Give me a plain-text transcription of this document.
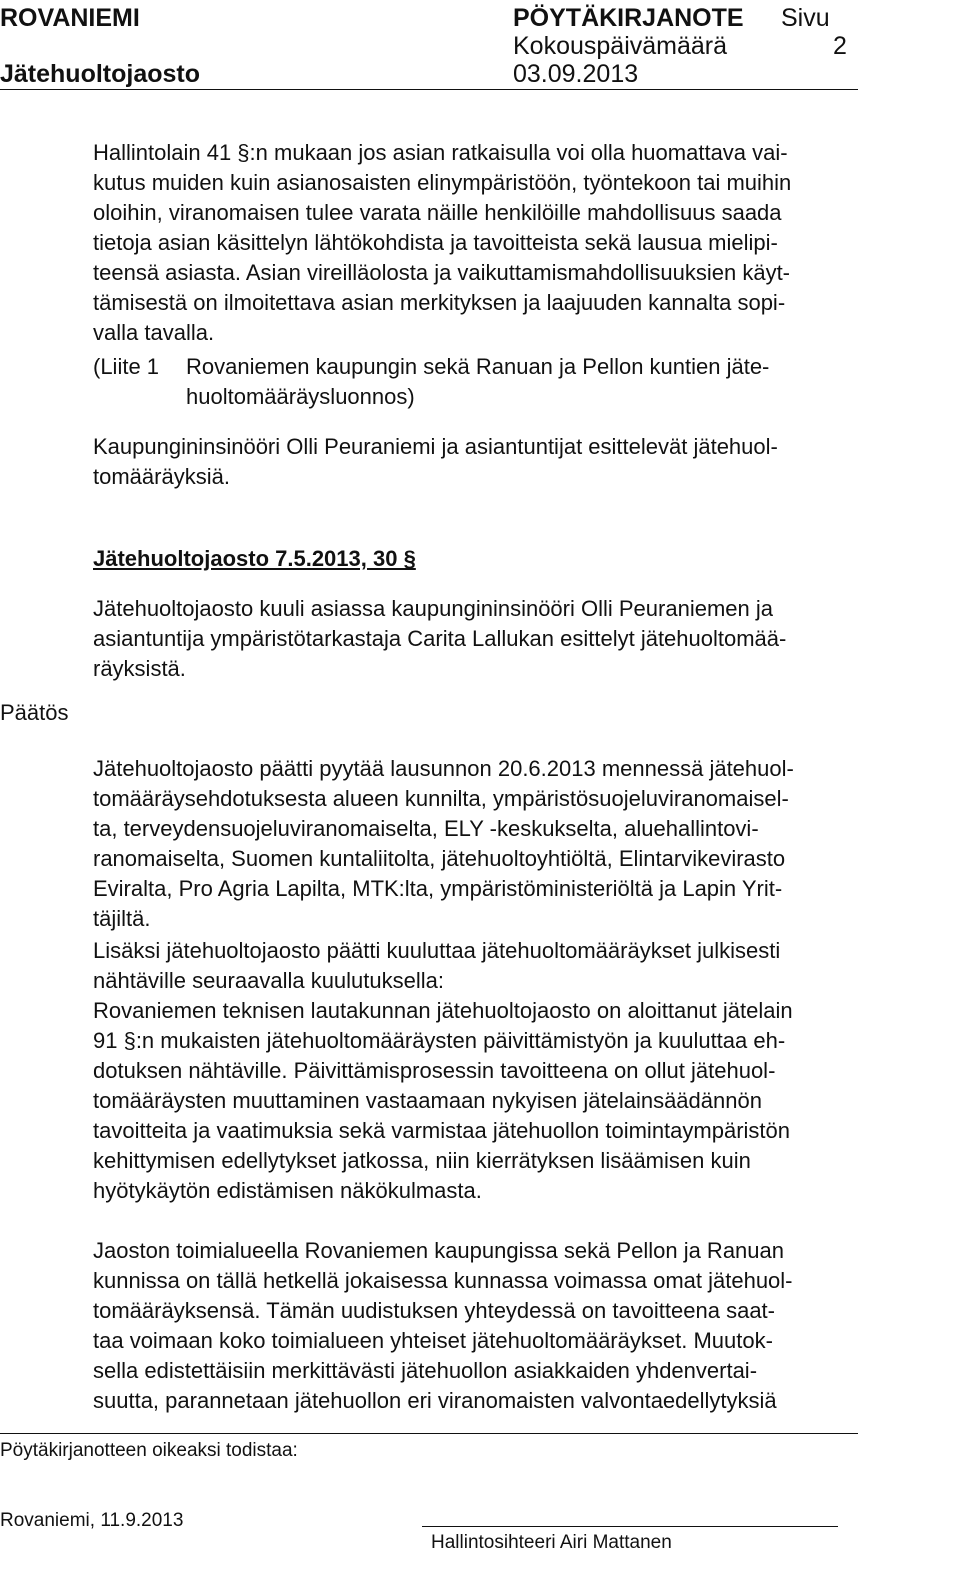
ROVANIEMI	PÖYTÄKIRJANOTE Sivu
Kokouspäivämäärä	2
Jätehuoltojaosto	03.09.2013
Hallintolain 41 §:n mukaan jos asian ratkaisulla voi olla huomattava vai-
kutus muiden kuin asianosaisten elinympäristöön, työntekoon tai muihin
oloihin, viranomaisen tulee varata näille henkilöille mahdollisuus saada
tietoja asian käsittelyn lähtökohdista ja tavoitteista sekä lausua mielipi-
teensä asiasta. Asian vireilläolosta ja vaikuttamismahdollisuuksien käyt-
tämisestä on ilmoitettava asian merkityksen ja laajuuden kannalta sopi-
valla tavalla.
(Liite 1 Rovaniemen kaupungin sekä Ranuan ja Pellon kuntien jäte-
huoltomääräysluonnos)
Kaupungininsinööri Olli Peuraniemi ja asiantuntijat esittelevät jätehuol-
tomääräyksiä.
Jätehuoltojaosto 7.5.2013, 30 §
Jätehuoltojaosto kuuli asiassa kaupungininsinööri Olli Peuraniemen ja
asiantuntija ympäristötarkastaja Carita Lallukan esittelyt jätehuoltomää-
räyksistä.
Päätös
Jätehuoltojaosto päätti pyytää lausunnon 20.6.2013 mennessä jätehuol-
tomääräysehdotuksesta alueen kunnilta, ympäristösuojeluviranomaisel-
ta, terveydensuojeluviranomaiselta, ELY -keskukselta, aluehallintovi-
ranomaiselta, Suomen kuntaliitolta, jätehuoltoyhtiöltä, Elintarvikevirasto
Eviralta, Pro Agria Lapilta, MTK:lta, ympäristöministeriöltä ja Lapin Yrit-
täjiltä.
Lisäksi jätehuoltojaosto päätti kuuluttaa jätehuoltomääräykset julkisesti
nähtäville seuraavalla kuulutuksella:
Rovaniemen teknisen lautakunnan jätehuoltojaosto on aloittanut jätelain
91 §:n mukaisten jätehuoltomääräysten päivittämistyön ja kuuluttaa eh-
dotuksen nähtäville. Päivittämisprosessin tavoitteena on ollut jätehuol-
tomääräysten muuttaminen vastaamaan nykyisen jätelainsäädännön
tavoitteita ja vaatimuksia sekä varmistaa jätehuollon toimintaympäristön
kehittymisen edellytykset jatkossa, niin kierrätyksen lisäämisen kuin
hyötykäytön edistämisen näkökulmasta.
Jaoston toimialueella Rovaniemen kaupungissa sekä Pellon ja Ranuan
kunnissa on tällä hetkellä jokaisessa kunnassa voimassa omat jätehuol-
tomääräyksensä. Tämän uudistuksen yhteydessä on tavoitteena saat-
taa voimaan koko toimialueen yhteiset jätehuoltomääräykset. Muutok-
sella edistettäisiin merkittävästi jätehuollon asiakkaiden yhdenvertai-
suutta, parannetaan jätehuollon eri viranomaisten valvontaedellytyksiä
Pöytäkirjanotteen oikeaksi todistaa:
Rovaniemi, 11.9.2013
Hallintosihteeri Airi Mattanen
